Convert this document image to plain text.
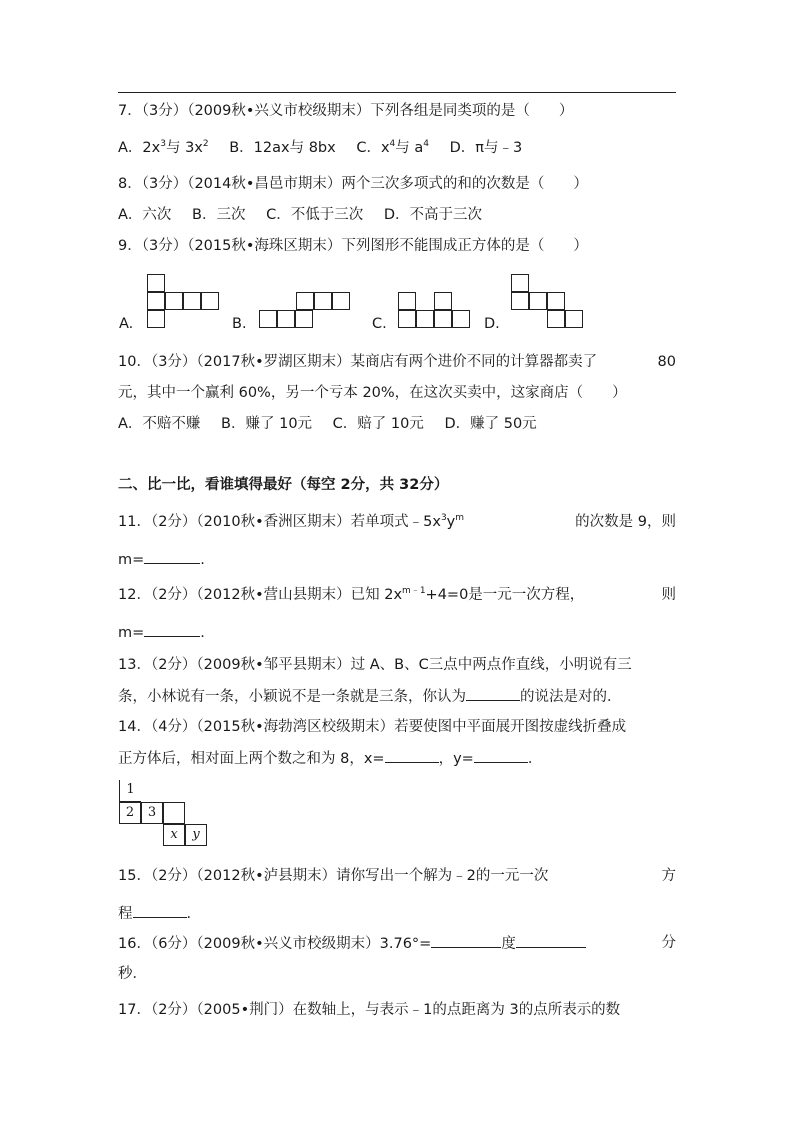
7．（3分）（2009秋•兴义市校级期末）下列各组是同类项的是（　　）
A．$2x^3$与 $3x^2$ B．12ax与 8bx C．$x^4$与 $a^4$ D．π与﹣3
8．（3分）（2014秋•昌邑市期末）两个三次多项式的和的次数是（　　）
A．六次 B．三次 C．不低于三次 D．不高于三次
9．（3分）（2015秋•海珠区期末）下列图形不能围成正方体的是（　　）
A.	B.	C.	D.
10．（3分）（2017秋•罗湖区期末）某商店有两个进价不同的计算器都卖了	80
元，其中一个赢利 60%，另一个亏本 20%，在这次买卖中，这家商店（　　）
A．不赔不赚 B．赚了 10元 C．赔了 10元 D．赚了 50元
二、比一比，看谁填得最好（每空 2分，共 32分）
11．（2分）（2010秋•香洲区期末）若单项式$﹣5x^3y^m$	的次数是 9，则
m=	.
12．（2分）（2012秋•营山县期末）已知 $2x^{m﹣1}+4=0$是一元一次方程，	则
m=	.
13．（2分）（2009秋•邹平县期末）过 A、B、C三点中两点作直线，小明说有三
条，小林说有一条，小颖说不是一条就是三条，你认为	的说法是对的．
14．（4分）（2015秋•海勃湾区校级期末）若要使图中平面展开图按虚线折叠成
正方体后，相对面上两个数之和为 8，x=	，y=	．
1
2	3
x	y
15．（2分）（2012秋•泸县期末）请你写出一个解为﹣2的一元一次	方
程	．
16．（6分）（2009秋•兴义市校级期末）3.76°=	度	分
秒．
17．（2分）（2005•荆门）在数轴上，与表示﹣1的点距离为 3的点所表示的数
